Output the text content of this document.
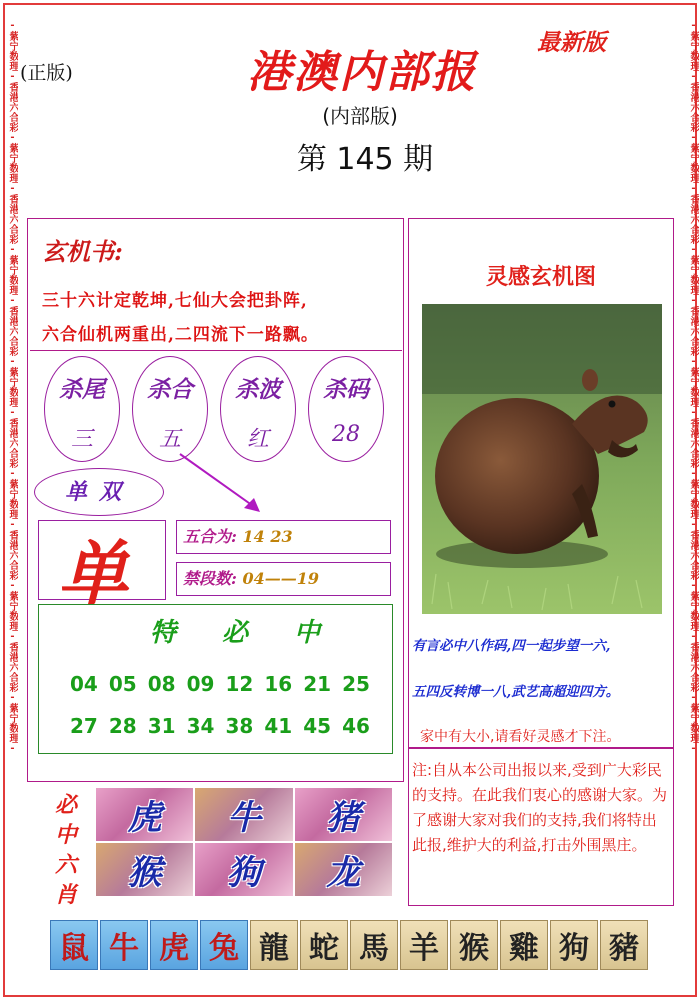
-紫宁数理-香港六合彩-紫宁数理-香港六合彩-紫宁数理-香港六合彩-紫宁数理-香港六合彩-紫宁数理-香港六合彩-紫宁数理-香港六合彩-紫宁数理-	-紫宁数理-香港六合彩-紫宁数理-香港六合彩-紫宁数理-香港六合彩-紫宁数理-香港六合彩-紫宁数理-香港六合彩-紫宁数理-香港六合彩-紫宁数理-
(正版)
最新版
港澳内部报
(内部版)
第 145 期
玄机书:
三十六计定乾坤,七仙大会把卦阵,
六合仙机两重出,二四流下一路飘。
杀尾
三
杀合
五
杀波
红
杀码
28
单双
单	五合为: 14 23
禁段数: 04——19
特 必 中
04 05 08 09 12 16 21 25
27 28 31 34 38 41 45 46
必
中
六
肖
虎	牛	猪
猴	狗	龙
灵感玄机图
有言必中八作码,四一起步望一六,
五四反转博一八,武艺高超迎四方。
家中有大小,请看好灵感才下注。
注:自从本公司出报以来,受到广大彩民的支持。在此我们衷心的感谢大家。为了感谢大家对我们的支持,我们将特出此报,维护大的利益,打击外围黑庄。
鼠 牛 虎 兔 龍 蛇 馬 羊 猴 雞 狗 豬
